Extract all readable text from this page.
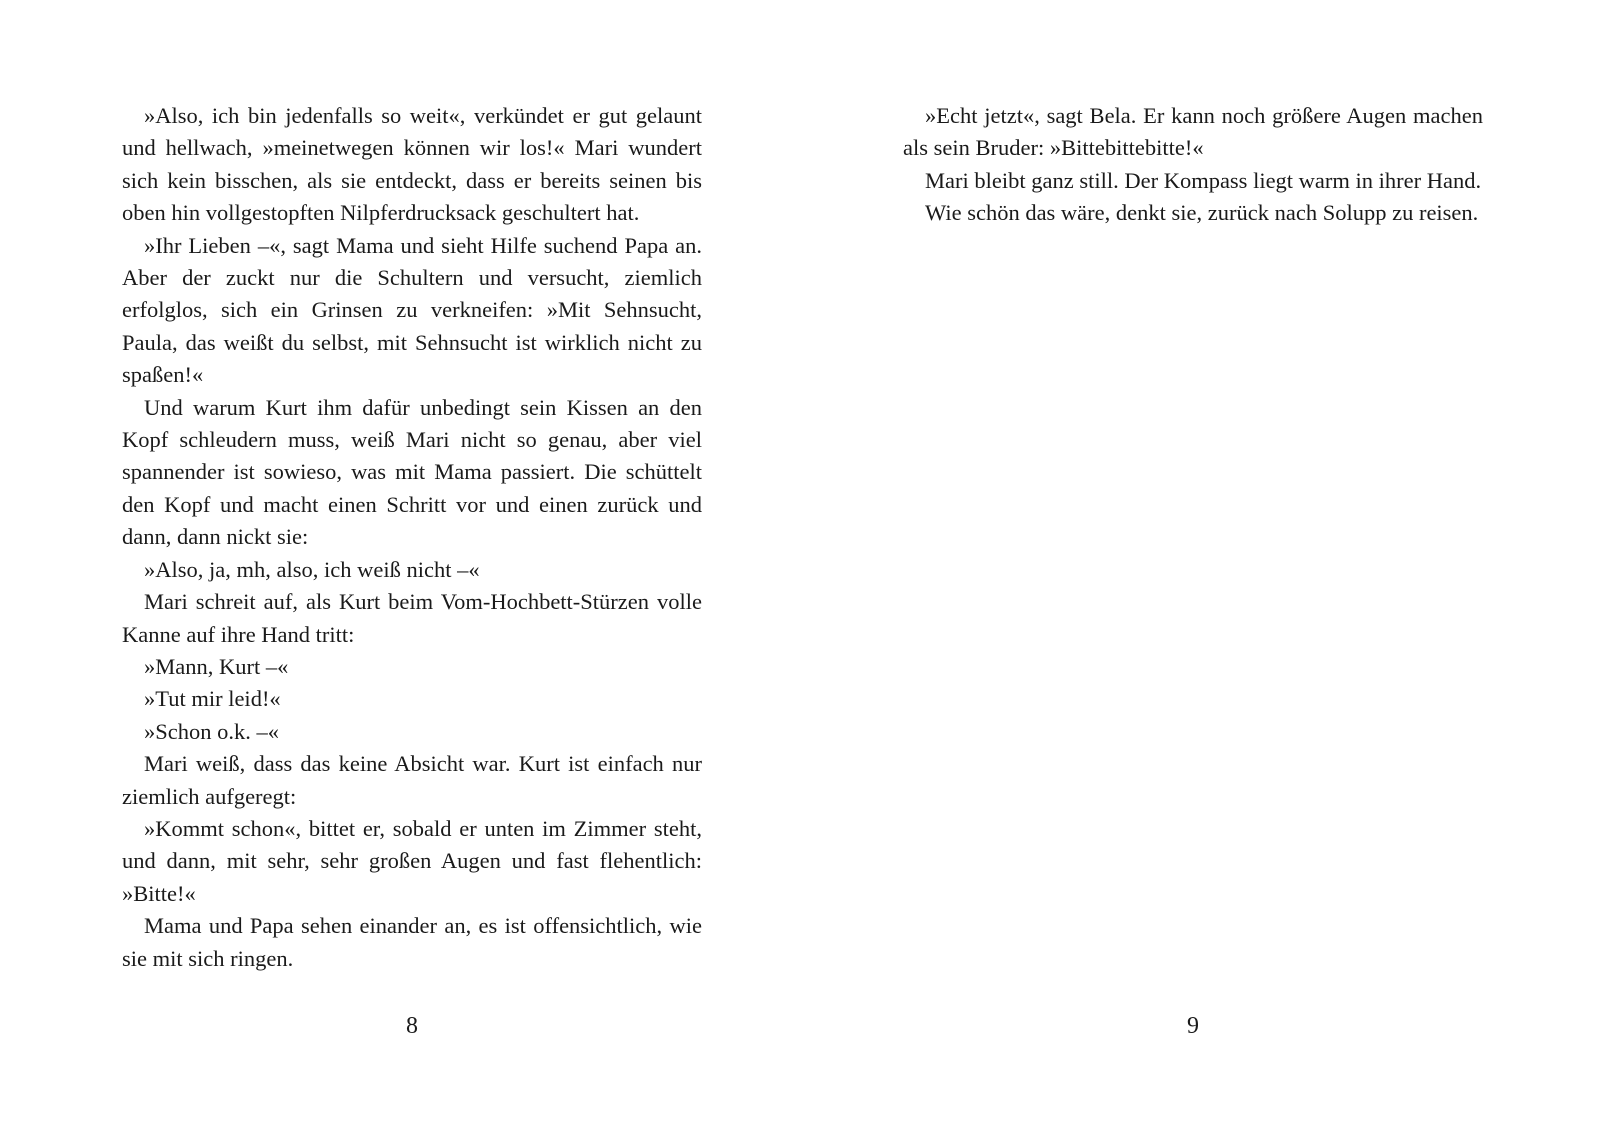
»Also, ich bin jedenfalls so weit«, verkündet er gut gelaunt und hellwach, »meinetwegen können wir los!« Mari wundert sich kein bisschen, als sie entdeckt, dass er bereits seinen bis oben hin vollgestopften Nilpferdrucksack geschultert hat.

»Ihr Lieben –«, sagt Mama und sieht Hilfe suchend Papa an. Aber der zuckt nur die Schultern und versucht, ziemlich erfolglos, sich ein Grinsen zu verkneifen: »Mit Sehnsucht, Paula, das weißt du selbst, mit Sehnsucht ist wirklich nicht zu spaßen!«

Und warum Kurt ihm dafür unbedingt sein Kissen an den Kopf schleudern muss, weiß Mari nicht so genau, aber viel spannender ist sowieso, was mit Mama passiert. Die schüttelt den Kopf und macht einen Schritt vor und einen zurück und dann, dann nickt sie:

»Also, ja, mh, also, ich weiß nicht –«

Mari schreit auf, als Kurt beim Vom-Hochbett-Stürzen volle Kanne auf ihre Hand tritt:

»Mann, Kurt –«

»Tut mir leid!«

»Schon o.k. –«

Mari weiß, dass das keine Absicht war. Kurt ist einfach nur ziemlich aufgeregt:

»Kommt schon«, bittet er, sobald er unten im Zimmer steht, und dann, mit sehr, sehr großen Augen und fast flehentlich: »Bitte!«

Mama und Papa sehen einander an, es ist offensichtlich, wie sie mit sich ringen.

8

»Echt jetzt«, sagt Bela. Er kann noch größere Augen machen als sein Bruder: »Bittebittebitte!«

Mari bleibt ganz still. Der Kompass liegt warm in ihrer Hand.

Wie schön das wäre, denkt sie, zurück nach Solupp zu reisen.

9
